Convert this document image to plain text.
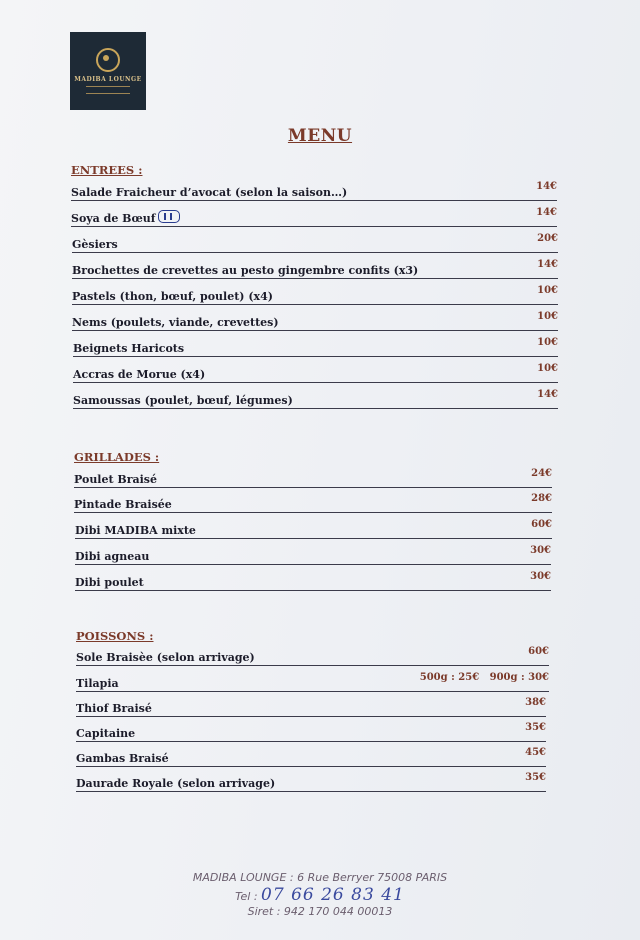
MADIBA LOUNGE
MENU
ENTREES :
Salade Fraicheur d’avocat (selon la saison…)	14€
Soya de Bœuf	14€
Gèsiers	20€
Brochettes de crevettes au pesto gingembre confits (x3)	14€
Pastels (thon, bœuf, poulet) (x4)	10€
Nems (poulets, viande, crevettes)	10€
Beignets Haricots	10€
Accras de Morue (x4)	10€
Samoussas (poulet, bœuf, légumes)	14€
GRILLADES :
Poulet Braisé	24€
Pintade Braisée	28€
Dibi MADIBA mixte	60€
Dibi agneau	30€
Dibi poulet	30€
POISSONS :
Sole Braisèe (selon arrivage)	60€
Tilapia	500g : 25€   900g : 30€
Thiof Braisé	38€
Capitaine	35€
Gambas Braisé	45€
Daurade Royale (selon arrivage)	35€
MADIBA LOUNGE : 6 Rue Berryer 75008 PARIS
Tel : 07 66 26 83 41
Siret : 942 170 044 00013
